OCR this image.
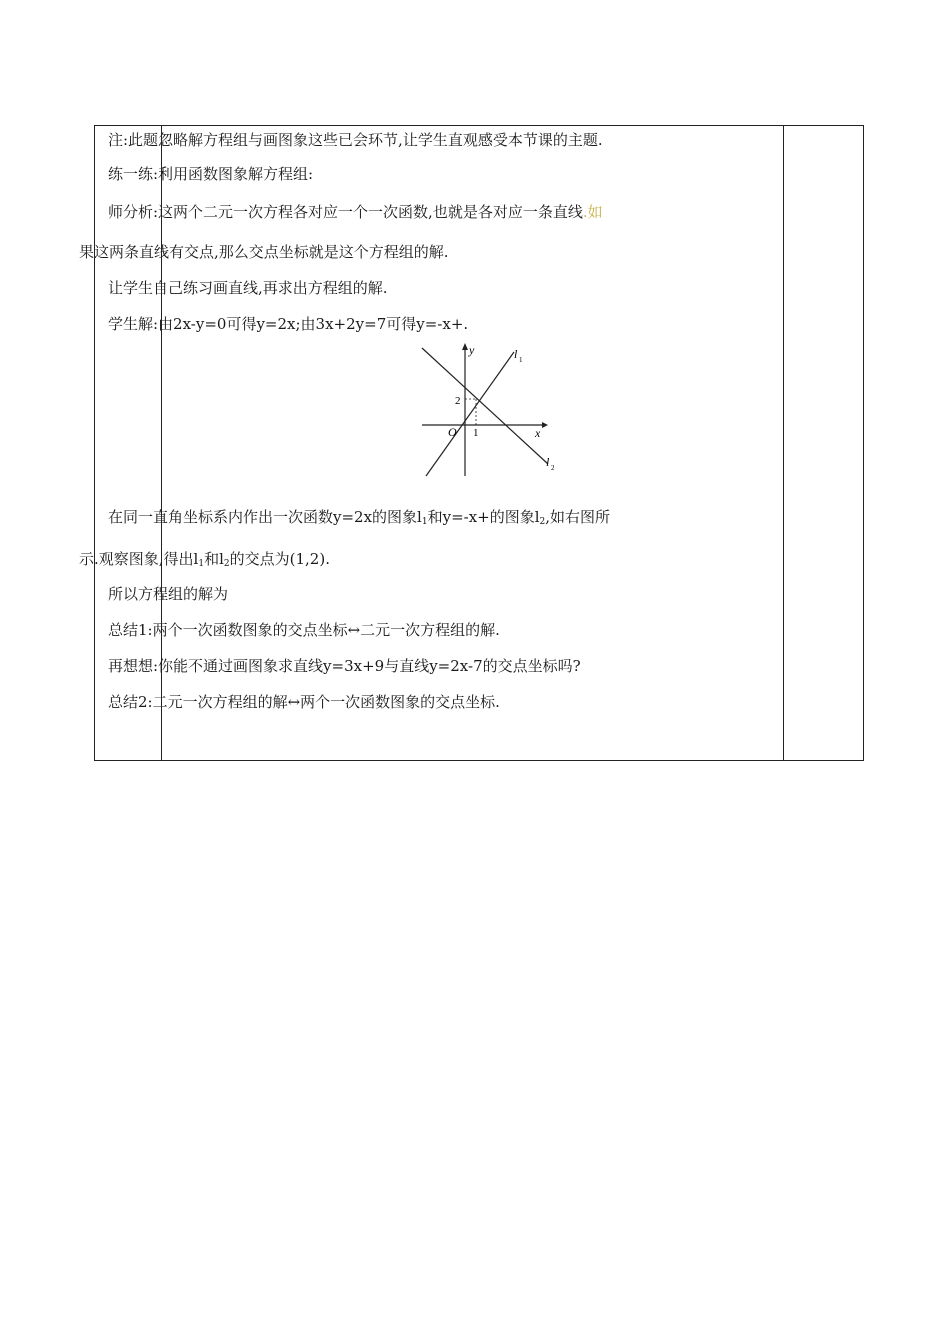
注:此题忽略解方程组与画图象这些已会环节,让学生直观感受本节课的主题.
练一练:利用函数图象解方程组:
师分析:这两个二元一次方程各对应一个一次函数,也就是各对应一条直线.如
果这两条直线有交点,那么交点坐标就是这个方程组的解.
让学生自己练习画直线,再求出方程组的解.
学生解:由2x-y=0可得y=2x;由3x+2y=7可得y=-x+.
y
x
O 1
2
l 1
l 2
在同一直角坐标系内作出一次函数y=2x的图象$l_1$和y=-x+的图象$l_2$,如右图所
示.观察图象,得出$l_1$和$l_2$的交点为(1,2).
所以方程组的解为
总结1:两个一次函数图象的交点坐标↔二元一次方程组的解.
再想想:你能不通过画图象求直线y=3x+9与直线y=2x-7的交点坐标吗?
总结2:二元一次方程组的解↔两个一次函数图象的交点坐标.
